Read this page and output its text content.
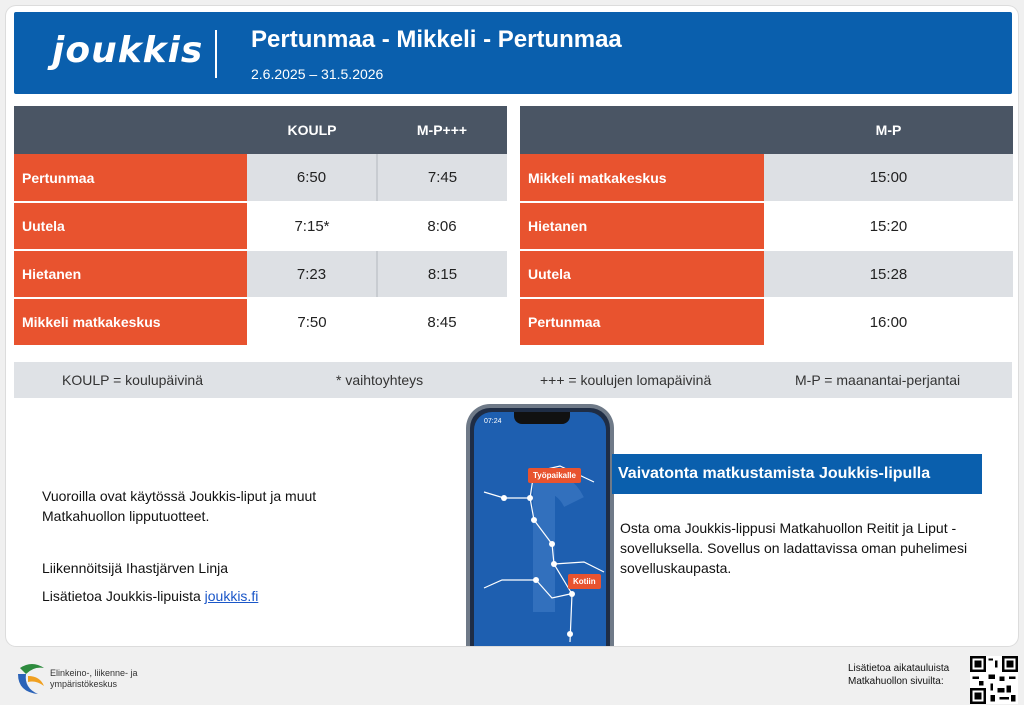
joukkis Pertunmaa - Mikkeli - Pertunmaa
2.6.2025 – 31.5.2026
	KOULP	M-P+++
Pertunmaa	6:50	7:45
Uutela	7:15*	8:06
Hietanen	7:23	8:15
Mikkeli matkakeskus	7:50	8:45
	M-P
Mikkeli matkakeskus	15:00
Hietanen	15:20
Uutela	15:28
Pertunmaa	16:00
KOULP = koulupäivinä	* vaihtoyhteys	+++ = koulujen lomapäivinä	M-P = maanantai-perjantai
Vuoroilla ovat käytössä Joukkis-liput ja muut Matkahuollon lipputuotteet.
Liikennöitsijä Ihastjärven Linja
Lisätietoa Joukkis-lipuista joukkis.fi
07:24
Työpaikalle
Kotiin
Vaivatonta matkustamista Joukkis-lipulla
Osta oma Joukkis-lippusi Matkahuollon Reitit ja Liput -sovelluksella. Sovellus on ladattavissa oman puhelimesi sovelluskaupasta.
Elinkeino-, liikenne- ja
ympäristökeskus
Lisätietoa aikatauluista
Matkahuollon sivuilta:
